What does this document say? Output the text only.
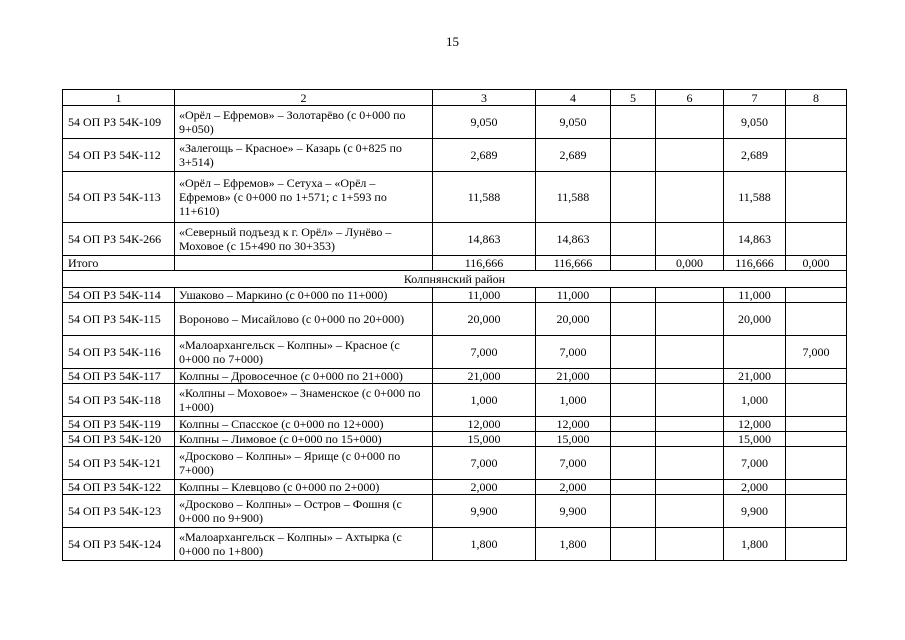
15
1	2	3	4	5	6	7	8
54 ОП РЗ 54К-109	«Орёл – Ефремов» – Золотарёво (с 0+000 по 9+050)	9,050	9,050			9,050	
54 ОП РЗ 54К-112	«Залегощь – Красное» – Казарь (с 0+825 по 3+514)	2,689	2,689			2,689	
54 ОП РЗ 54К-113	«Орёл – Ефремов» – Сетуха – «Орёл – Ефремов» (с 0+000 по 1+571; с 1+593 по 11+610)	11,588	11,588			11,588	
54 ОП РЗ 54К-266	«Северный подъезд к г. Орёл» – Лунёво – Моховое (с 15+490 по 30+353)	14,863	14,863			14,863	
Итого		116,666	116,666		0,000	116,666	0,000
Колпнянский район							
54 ОП РЗ 54К-114	Ушаково – Маркино (с 0+000 по 11+000)	11,000	11,000			11,000	
54 ОП РЗ 54К-115	Вороново – Мисайлово (с 0+000 по 20+000)	20,000	20,000			20,000	
54 ОП РЗ 54К-116	«Малоархангельск – Колпны» – Красное (с 0+000 по 7+000)	7,000	7,000				7,000
54 ОП РЗ 54К-117	Колпны – Дровосечное (с 0+000 по 21+000)	21,000	21,000			21,000	
54 ОП РЗ 54К-118	«Колпны – Моховое» – Знаменское (с 0+000 по 1+000)	1,000	1,000			1,000	
54 ОП РЗ 54К-119	Колпны – Спасское (с 0+000 по 12+000)	12,000	12,000			12,000	
54 ОП РЗ 54К-120	Колпны – Лимовое (с 0+000 по 15+000)	15,000	15,000			15,000	
54 ОП РЗ 54К-121	«Дросково – Колпны» – Ярище (с 0+000 по 7+000)	7,000	7,000			7,000	
54 ОП РЗ 54К-122	Колпны – Клевцово (с 0+000 по 2+000)	2,000	2,000			2,000	
54 ОП РЗ 54К-123	«Дросково – Колпны» – Остров – Фошня (с 0+000 по 9+900)	9,900	9,900			9,900	
54 ОП РЗ 54К-124	«Малоархангельск – Колпны» – Ахтырка (с 0+000 по 1+800)	1,800	1,800			1,800	
